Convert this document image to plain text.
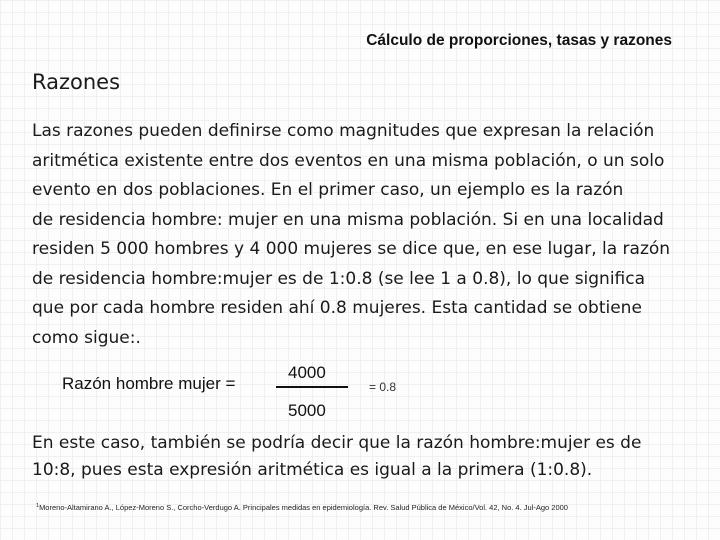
Cálculo de proporciones, tasas y razones
Razones
Las razones pueden definirse como magnitudes que expresan la relación
aritmética existente entre dos eventos en una misma población, o un solo
evento en dos poblaciones. En el primer caso, un ejemplo es la razón
de residencia hombre: mujer en una misma población. Si en una localidad
residen 5 000 hombres y 4 000 mujeres se dice que, en ese lugar, la razón
de residencia hombre:mujer es de 1:0.8 (se lee 1 a 0.8), lo que significa
que por cada hombre residen ahí 0.8 mujeres. Esta cantidad se obtiene
como sigue:.
Razón hombre mujer =
4000
5000
= 0.8
En este caso, también se podría decir que la razón hombre:mujer es de
10:8, pues esta expresión aritmética es igual a la primera (1:0.8).
$^1$Moreno-Altamirano A., López-Moreno S., Corcho-Verdugo A. Principales medidas en epidemiología. Rev. Salud Pública de México/Vol. 42, No. 4. Jul-Ago 2000
